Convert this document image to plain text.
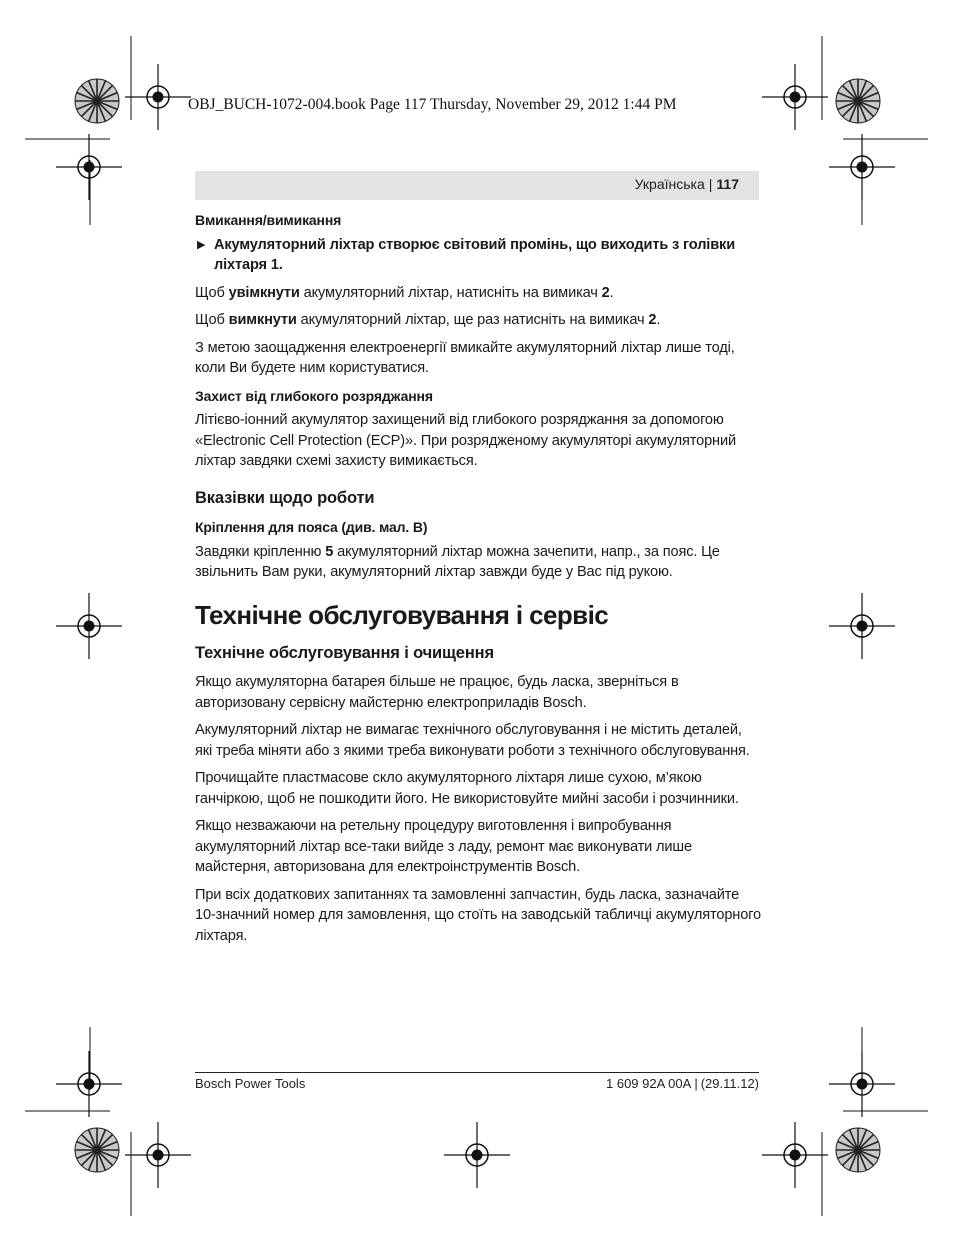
OBJ_BUCH-1072-004.book Page 117 Thursday, November 29, 2012 1:44 PM
Українська | 117
Вмикання/вимикання
▶ Акумуляторний ліхтар створює світовий промінь, що виходить з голівки ліхтаря 1.

Щоб увімкнути акумуляторний ліхтар, натисніть на вимикач 2.

Щоб вимкнути акумуляторний ліхтар, ще раз натисніть на вимикач 2.

З метою заощадження електроенергії вмикайте акумуляторний ліхтар лише тоді, коли Ви будете ним користуватися.

Захист від глибокого розряджання

Літієво-іонний акумулятор захищений від глибокого розряджання за допомогою «Electronic Cell Protection (ECP)». При розрядженому акумуляторі акумуляторний ліхтар завдяки схемі захисту вимикається.

Вказівки щодо роботи
Кріплення для пояса (див. мал. B)

Завдяки кріпленню 5 акумуляторний ліхтар можна зачепити, напр., за пояс. Це звільнить Вам руки, акумуляторний ліхтар завжди буде у Вас під рукою.

Технічне обслуговування і сервіс
Технічне обслуговування і очищення

Якщо акумуляторна батарея більше не працює, будь ласка, зверніться в авторизовану сервісну майстерню електроприладів Bosch.

Акумуляторний ліхтар не вимагає технічного обслуговування і не містить деталей, які треба міняти або з якими треба виконувати роботи з технічного обслуговування.

Прочищайте пластмасове скло акумуляторного ліхтаря лише сухою, м’якою ганчіркою, щоб не пошкодити його. Не використовуйте мийні засоби і розчинники.

Якщо незважаючи на ретельну процедуру виготовлення і випробування акумуляторний ліхтар все-таки вийде з ладу, ремонт має виконувати лише майстерня, авторизована для електроінструментів Bosch.

При всіх додаткових запитаннях та замовленні запчастин, будь ласка, зазначайте 10-значний номер для замовлення, що стоїть на заводській табличці акумуляторного ліхтаря.

Bosch Power Tools	1 609 92A 00A | (29.11.12)
